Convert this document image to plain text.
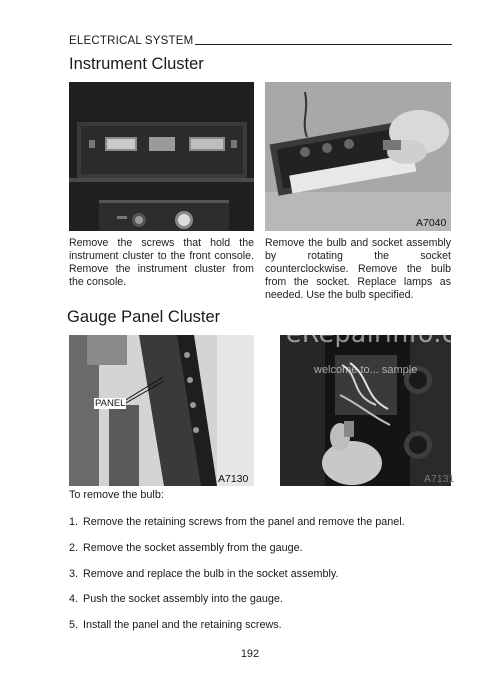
ELECTRICAL SYSTEM
Instrument Cluster
A7040
Remove the screws that hold the instrument cluster to the front console. Remove the instrument cluster from the console.
Remove the bulb and socket assembly by rotating the socket counterclockwise. Remove the bulb from the socket. Replace lamps as needed. Use the bulb specified.
Gauge Panel Cluster
PANEL
A7130	A7131
eRepairinfo.com
welcome to... sample
To remove the bulb:
1. Remove the retaining screws from the panel and remove the panel.
2. Remove the socket assembly from the gauge.
3. Remove and replace the bulb in the socket assembly.
4. Push the socket assembly into the gauge.
5. Install the panel and the retaining screws.
192
